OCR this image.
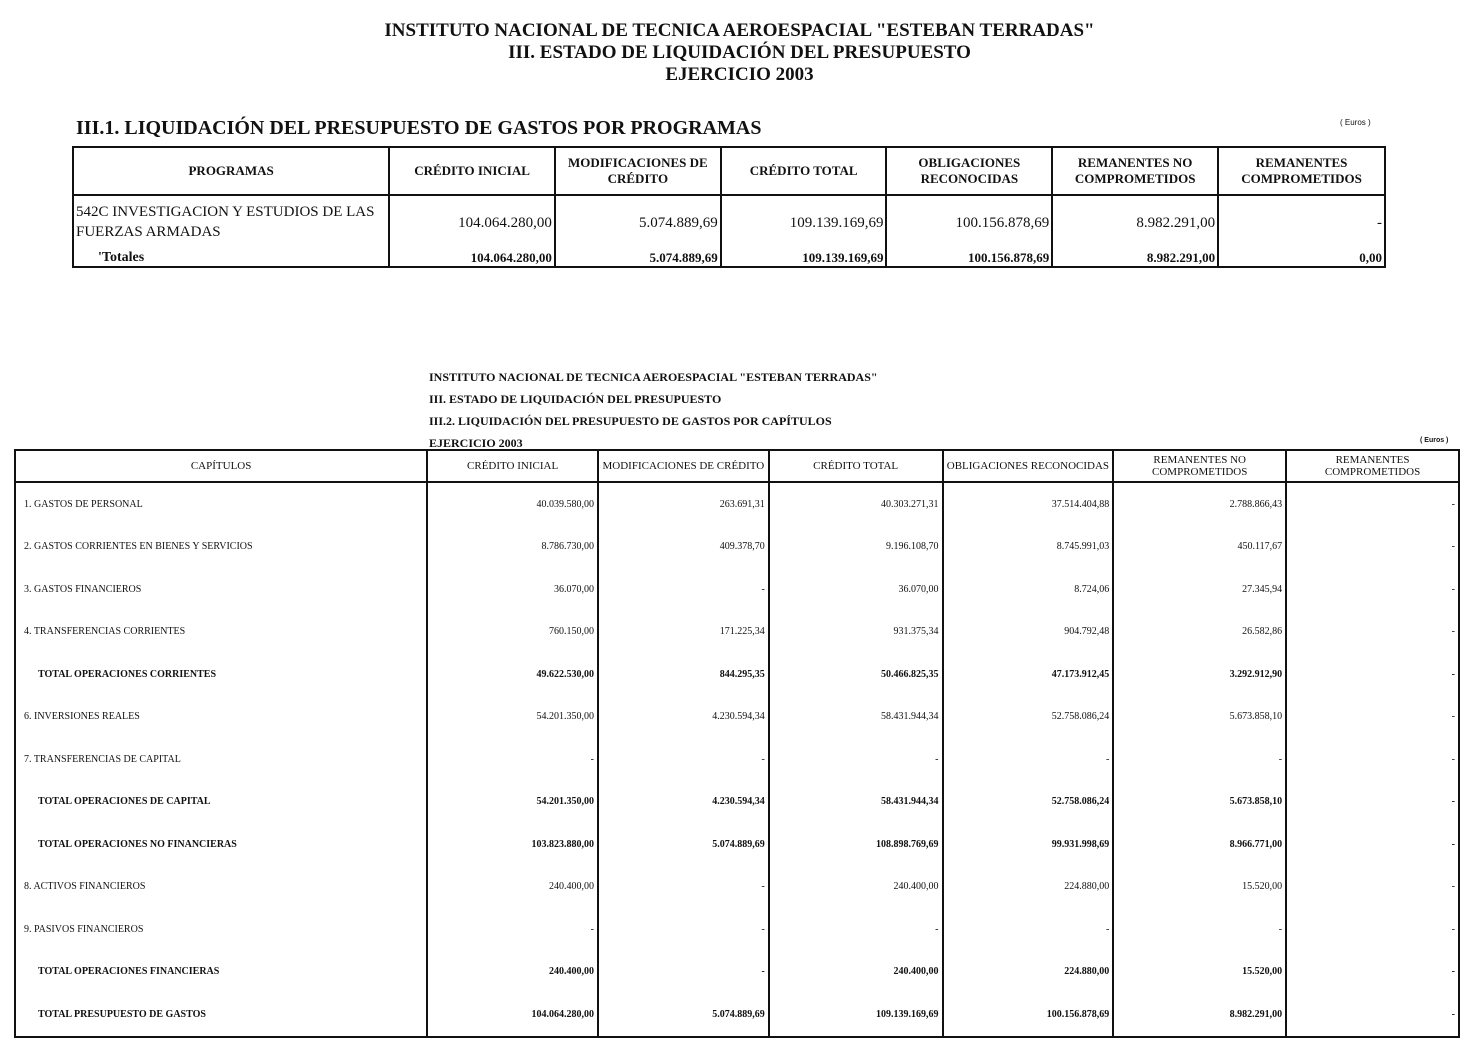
INSTITUTO NACIONAL DE TECNICA AEROESPACIAL "ESTEBAN TERRADAS"
III. ESTADO DE LIQUIDACIÓN DEL PRESUPUESTO
EJERCICIO 2003
III.1. LIQUIDACIÓN DEL PRESUPUESTO DE GASTOS POR PROGRAMAS	( Euros )
PROGRAMAS	CRÉDITO INICIAL	MODIFICACIONES DE CRÉDITO	CRÉDITO TOTAL	OBLIGACIONES RECONOCIDAS	REMANENTES NO COMPROMETIDOS	REMANENTES COMPROMETIDOS
542C INVESTIGACION Y ESTUDIOS DE LAS FUERZAS ARMADAS	104.064.280,00	5.074.889,69	109.139.169,69	100.156.878,69	8.982.291,00	-
'Totales	104.064.280,00	5.074.889,69	109.139.169,69	100.156.878,69	8.982.291,00	0,00
INSTITUTO NACIONAL DE TECNICA AEROESPACIAL "ESTEBAN TERRADAS"
III. ESTADO DE LIQUIDACIÓN DEL PRESUPUESTO
III.2. LIQUIDACIÓN DEL PRESUPUESTO DE GASTOS POR CAPÍTULOS
EJERCICIO 2003	( Euros )
CAPÍTULOS	CRÉDITO INICIAL	MODIFICACIONES DE CRÉDITO	CRÉDITO TOTAL	OBLIGACIONES RECONOCIDAS	REMANENTES NO COMPROMETIDOS	REMANENTES COMPROMETIDOS
1. GASTOS DE PERSONAL	40.039.580,00	263.691,31	40.303.271,31	37.514.404,88	2.788.866,43	-
2. GASTOS CORRIENTES EN BIENES Y SERVICIOS	8.786.730,00	409.378,70	9.196.108,70	8.745.991,03	450.117,67	-
3. GASTOS FINANCIEROS	36.070,00	-	36.070,00	8.724,06	27.345,94	-
4. TRANSFERENCIAS CORRIENTES	760.150,00	171.225,34	931.375,34	904.792,48	26.582,86	-
TOTAL OPERACIONES CORRIENTES	49.622.530,00	844.295,35	50.466.825,35	47.173.912,45	3.292.912,90	-
6. INVERSIONES REALES	54.201.350,00	4.230.594,34	58.431.944,34	52.758.086,24	5.673.858,10	-
7. TRANSFERENCIAS DE CAPITAL	-	-	-	-	-	-
TOTAL OPERACIONES DE CAPITAL	54.201.350,00	4.230.594,34	58.431.944,34	52.758.086,24	5.673.858,10	-
TOTAL OPERACIONES NO FINANCIERAS	103.823.880,00	5.074.889,69	108.898.769,69	99.931.998,69	8.966.771,00	-
8. ACTIVOS FINANCIEROS	240.400,00	-	240.400,00	224.880,00	15.520,00	-
9. PASIVOS FINANCIEROS	-	-	-	-	-	-
TOTAL OPERACIONES FINANCIERAS	240.400,00	-	240.400,00	224.880,00	15.520,00	-
TOTAL PRESUPUESTO DE GASTOS	104.064.280,00	5.074.889,69	109.139.169,69	100.156.878,69	8.982.291,00	-
